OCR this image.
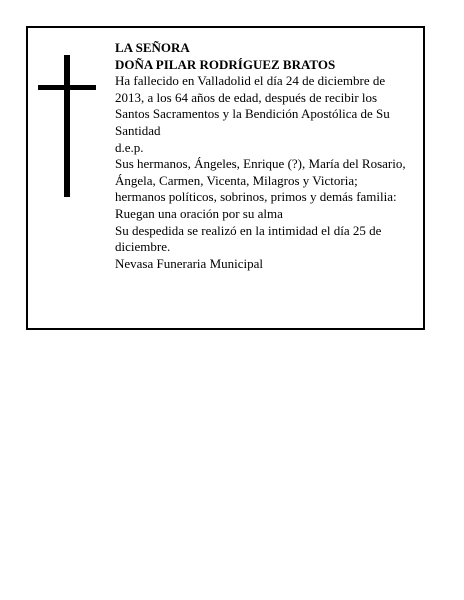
LA SEÑORA
DOÑA PILAR RODRÍGUEZ BRATOS
Ha fallecido en Valladolid el día 24 de diciembre de
2013, a los 64 años de edad, después de recibir los
Santos Sacramentos y la Bendición Apostólica de Su
Santidad
d.e.p.
Sus hermanos, Ángeles, Enrique (?), María del Rosario,
Ángela, Carmen, Vicenta, Milagros y Victoria;
hermanos políticos, sobrinos, primos y demás familia:
Ruegan una oración por su alma
Su despedida se realizó en la intimidad el día 25 de
diciembre.
Nevasa Funeraria Municipal
